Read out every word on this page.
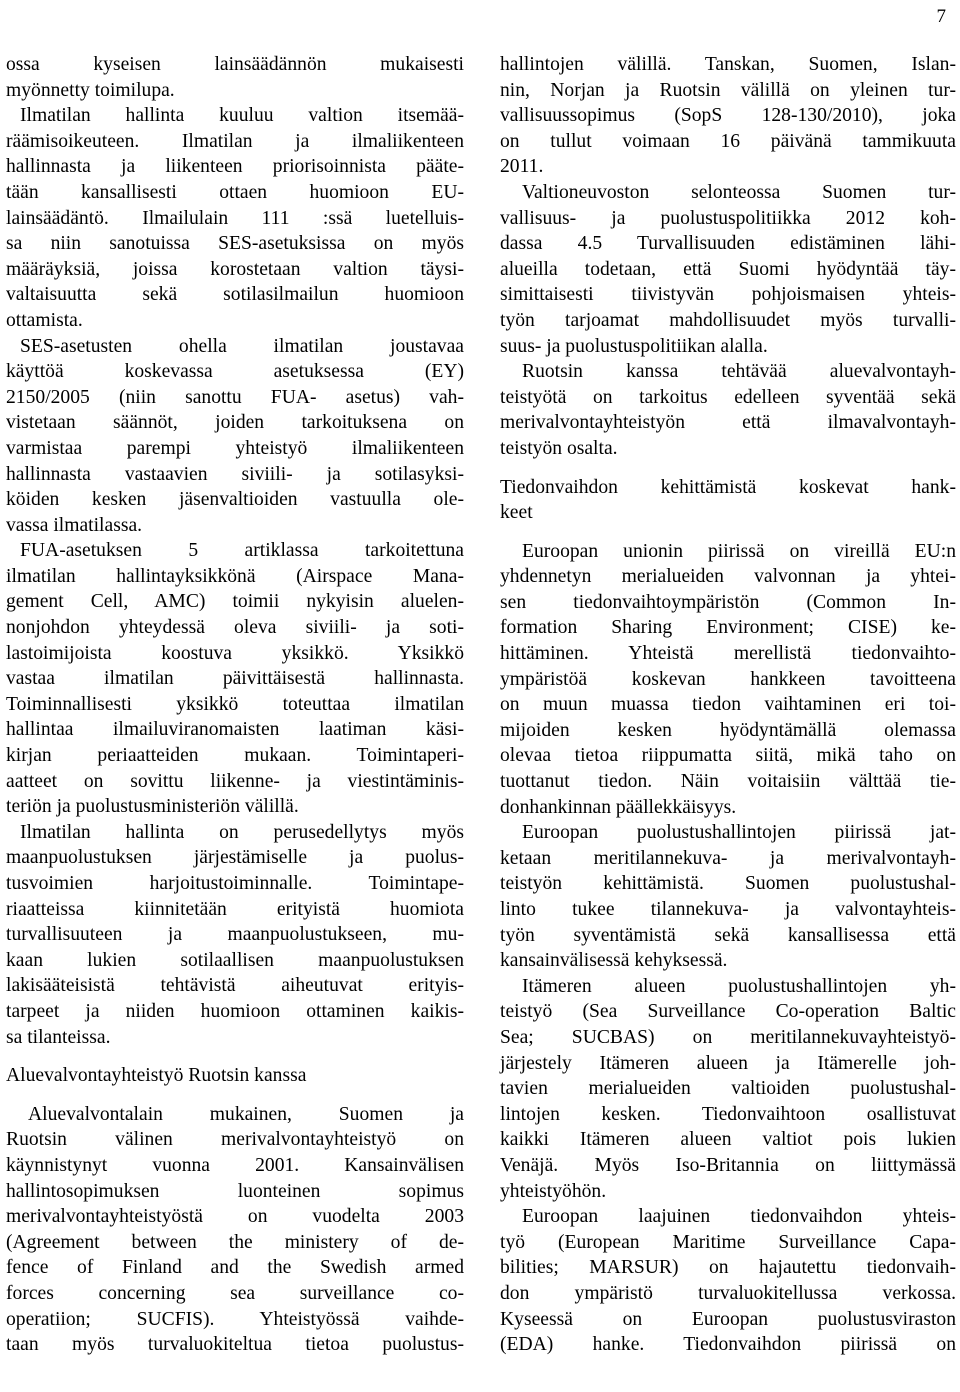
7
ossa kyseisen lainsäädännön mukaisesti
myönnetty toimilupa.
Ilmatilan hallinta kuuluu valtion itsemää-
räämisoikeuteen. Ilmatilan ja ilmaliikenteen
hallinnasta ja liikenteen priorisoinnista pääte-
tään kansallisesti ottaen huomioon EU-
lainsäädäntö. Ilmailulain 111 :ssä luetelluis-
sa niin sanotuissa SES-asetuksissa on myös
määräyksiä, joissa korostetaan valtion täysi-
valtaisuutta sekä sotilasilmailun huomioon
ottamista.
SES-asetusten ohella ilmatilan joustavaa
käyttöä koskevassa asetuksessa (EY)
2150/2005 (niin sanottu FUA- asetus) vah-
vistetaan säännöt, joiden tarkoituksena on
varmistaa parempi yhteistyö ilmaliikenteen
hallinnasta vastaavien siviili- ja sotilasyksi-
köiden kesken jäsenvaltioiden vastuulla ole-
vassa ilmatilassa.
FUA-asetuksen 5 artiklassa tarkoitettuna
ilmatilan hallintayksikkönä (Airspace Mana-
gement Cell, AMC) toimii nykyisin aluelen-
nonjohdon yhteydessä oleva siviili- ja soti-
lastoimijoista koostuva yksikkö. Yksikkö
vastaa ilmatilan päivittäisestä hallinnasta.
Toiminnallisesti yksikkö toteuttaa ilmatilan
hallintaa ilmailuviranomaisten laatiman käsi-
kirjan periaatteiden mukaan. Toimintaperi-
aatteet on sovittu liikenne- ja viestintäminis-
teriön ja puolustusministeriön välillä.
Ilmatilan hallinta on perusedellytys myös
maanpuolustuksen järjestämiselle ja puolus-
tusvoimien harjoitustoiminnalle. Toimintape-
riaatteissa kiinnitetään erityistä huomiota
turvallisuuteen ja maanpuolustukseen, mu-
kaan lukien sotilaallisen maanpuolustuksen
lakisääteisistä tehtävistä aiheutuvat erityis-
tarpeet ja niiden huomioon ottaminen kaikis-
sa tilanteissa.
Aluevalvontayhteistyö Ruotsin kanssa
Aluevalvontalain mukainen, Suomen ja
Ruotsin välinen merivalvontayhteistyö on
käynnistynyt vuonna 2001. Kansainvälisen
hallintosopimuksen luonteinen sopimus
merivalvontayhteistyöstä on vuodelta 2003
(Agreement between the ministery of de-
fence of Finland and the Swedish armed
forces concerning sea surveillance co-
operatiion; SUCFIS). Yhteistyössä vaihde-
taan myös turvaluokiteltua tietoa puolustus-
hallintojen välillä. Tanskan, Suomen, Islan-
nin, Norjan ja Ruotsin välillä on yleinen tur-
vallisuussopimus (SopS 128-130/2010), joka
on tullut voimaan 16 päivänä tammikuuta
2011.
Valtioneuvoston selonteossa Suomen tur-
vallisuus- ja puolustuspolitiikka 2012 koh-
dassa 4.5 Turvallisuuden edistäminen lähi-
alueilla todetaan, että Suomi hyödyntää täy-
simittaisesti tiivistyvän pohjoismaisen yhteis-
työn tarjoamat mahdollisuudet myös turvalli-
suus- ja puolustuspolitiikan alalla.
Ruotsin kanssa tehtävää aluevalvontayh-
teistyötä on tarkoitus edelleen syventää sekä
merivalvontayhteistyön että ilmavalvontayh-
teistyön osalta.
Tiedonvaihdon kehittämistä koskevat hank-
keet
Euroopan unionin piirissä on vireillä EU:n
yhdennetyn merialueiden valvonnan ja yhtei-
sen tiedonvaihtoympäristön (Common In-
formation Sharing Environment; CISE) ke-
hittäminen. Yhteistä merellistä tiedonvaihto-
ympäristöä koskevan hankkeen tavoitteena
on muun muassa tiedon vaihtaminen eri toi-
mijoiden kesken hyödyntämällä olemassa
olevaa tietoa riippumatta siitä, mikä taho on
tuottanut tiedon. Näin voitaisiin välttää tie-
donhankinnan päällekkäisyys.
Euroopan puolustushallintojen piirissä jat-
ketaan meritilannekuva- ja merivalvontayh-
teistyön kehittämistä. Suomen puolustushal-
linto tukee tilannekuva- ja valvontayhteis-
työn syventämistä sekä kansallisessa että
kansainvälisessä kehyksessä.
Itämeren alueen puolustushallintojen yh-
teistyö (Sea Surveillance Co-operation Baltic
Sea; SUCBAS) on meritilannekuvayhteistyö-
järjestely Itämeren alueen ja Itämerelle joh-
tavien merialueiden valtioiden puolustushal-
lintojen kesken. Tiedonvaihtoon osallistuvat
kaikki Itämeren alueen valtiot pois lukien
Venäjä. Myös Iso-Britannia on liittymässä
yhteistyöhön.
Euroopan laajuinen tiedonvaihdon yhteis-
työ (European Maritime Surveillance Capa-
bilities; MARSUR) on hajautettu tiedonvaih-
don ympäristö turvaluokitellussa verkossa.
Kyseessä on Euroopan puolustusviraston
(EDA) hanke. Tiedonvaihdon piirissä on
